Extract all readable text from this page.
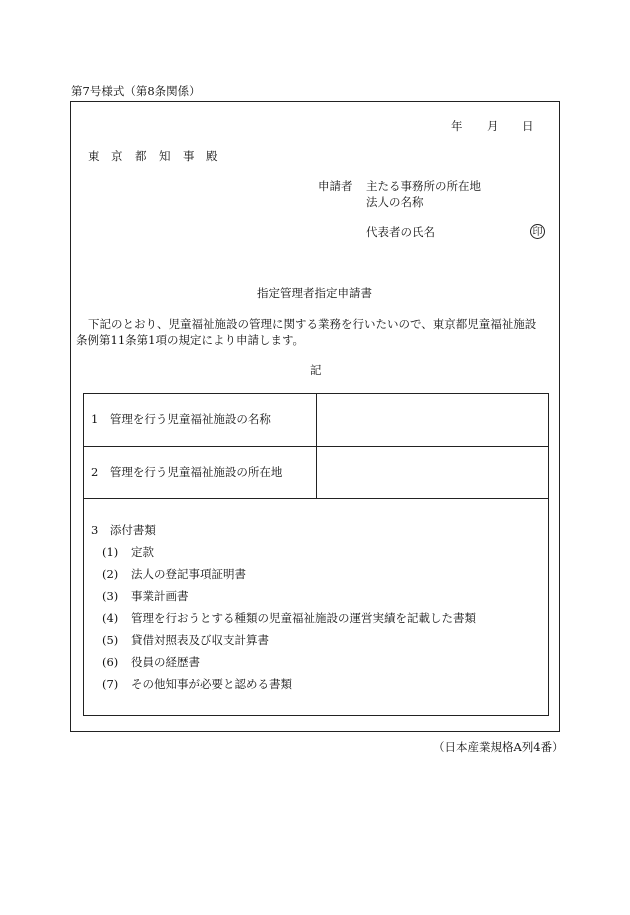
第7号様式（第8条関係）
年 月 日
東 京 都 知 事 殿
申請者 主たる事務所の所在地
法人の名称
代表者の氏名	印
指定管理者指定申請書
下記のとおり、児童福祉施設の管理に関する業務を行いたいので、東京都児童福祉施設
条例第11条第1項の規定により申請します。
記
1　管理を行う児童福祉施設の名称
2　管理を行う児童福祉施設の所在地
3　添付書類
(1) 定款
(2) 法人の登記事項証明書
(3) 事業計画書
(4) 管理を行おうとする種類の児童福祉施設の運営実績を記載した書類
(5) 貸借対照表及び収支計算書
(6) 役員の経歴書
(7) その他知事が必要と認める書類
（日本産業規格A列4番）
